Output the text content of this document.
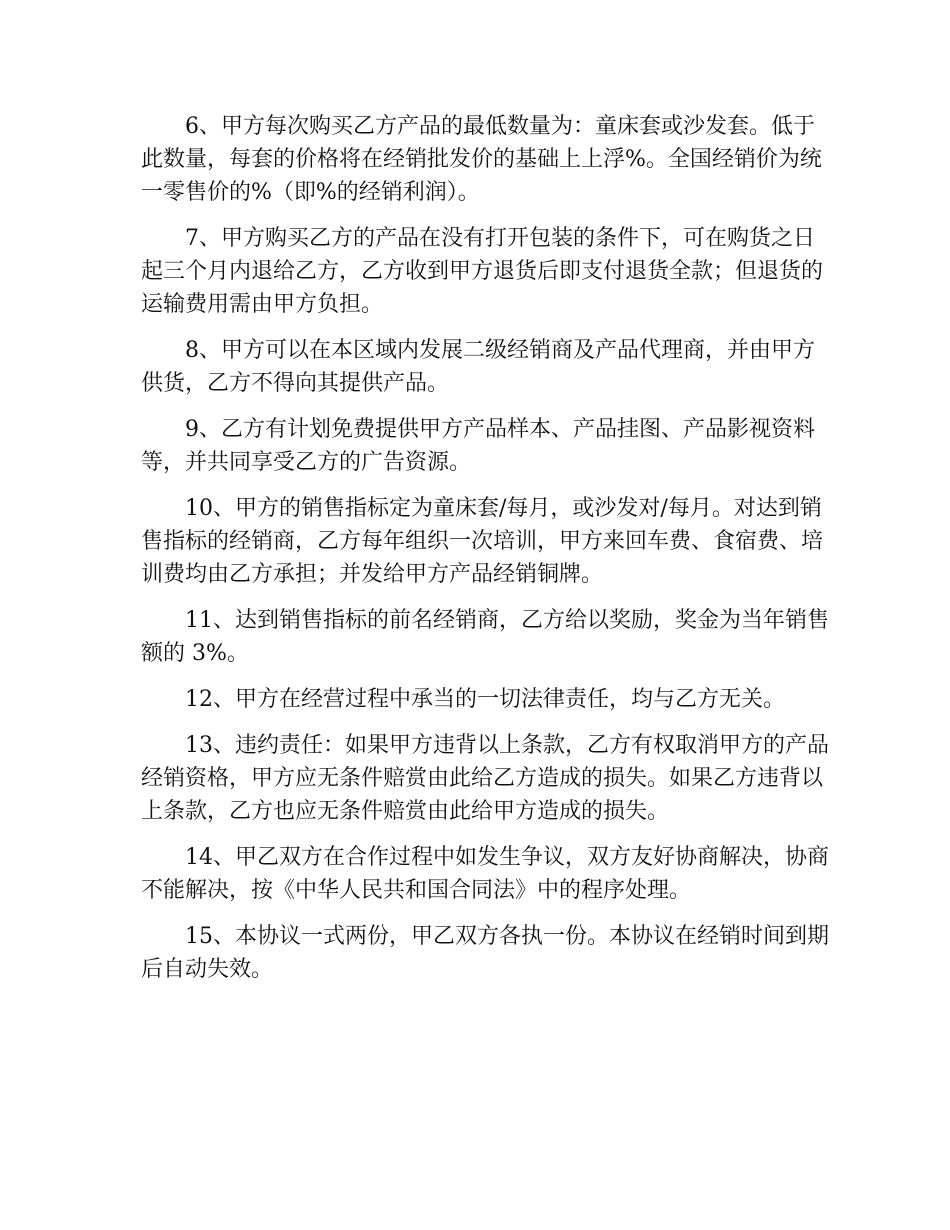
6、甲方每次购买乙方产品的最低数量为：童床套或沙发套。低于此数量，每套的价格将在经销批发价的基础上上浮%。全国经销价为统一零售价的%（即%的经销利润）。

7、甲方购买乙方的产品在没有打开包装的条件下，可在购货之日起三个月内退给乙方，乙方收到甲方退货后即支付退货全款；但退货的运输费用需由甲方负担。

8、甲方可以在本区域内发展二级经销商及产品代理商，并由甲方供货，乙方不得向其提供产品。

9、乙方有计划免费提供甲方产品样本、产品挂图、产品影视资料等，并共同享受乙方的广告资源。

10、甲方的销售指标定为童床套/每月，或沙发对/每月。对达到销售指标的经销商，乙方每年组织一次培训，甲方来回车费、食宿费、培训费均由乙方承担；并发给甲方产品经销铜牌。

11、达到销售指标的前名经销商，乙方给以奖励，奖金为当年销售额的 3%。

12、甲方在经营过程中承当的一切法律责任，均与乙方无关。

13、违约责任：如果甲方违背以上条款，乙方有权取消甲方的产品经销资格，甲方应无条件赔赏由此给乙方造成的损失。如果乙方违背以上条款，乙方也应无条件赔赏由此给甲方造成的损失。

14、甲乙双方在合作过程中如发生争议，双方友好协商解决，协商不能解决，按《中华人民共和国合同法》中的程序处理。

15、本协议一式两份，甲乙双方各执一份。本协议在经销时间到期后自动失效。
